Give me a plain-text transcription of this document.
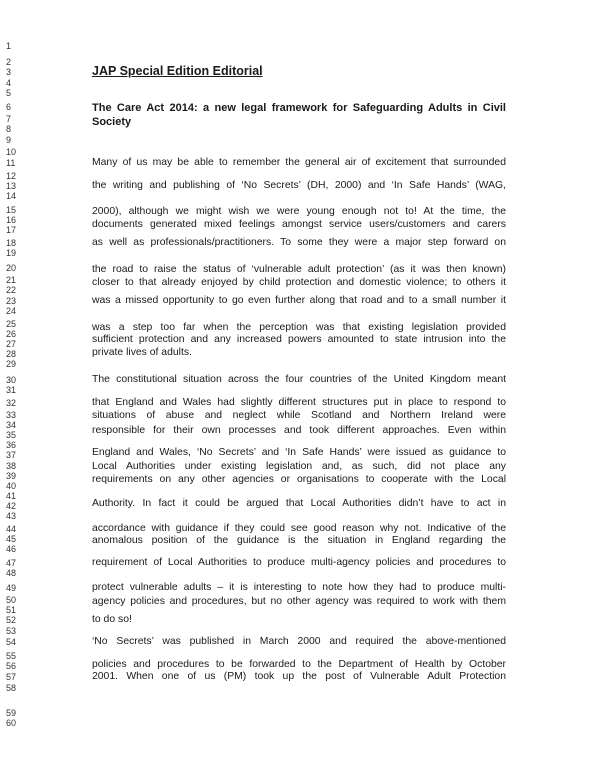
1
2
3
4
5
6
7
8
9
10
11
12
13
14
15
16
17
18
19
20
21
22
23
24
25
26
27
28
29
30
31
32
33
34
35
36
37
38
39
40
41
42
43
44
45
46
47
48
49
50
51
52
53
54
55
56
57
58
59
60
JAP Special Edition Editorial
The Care Act 2014: a new legal framework for Safeguarding Adults in Civil
Society
Many of us may be able to remember the general air of excitement that surrounded
the writing and publishing of ‘No Secrets’ (DH, 2000) and ‘In Safe Hands’ (WAG,
2000), although we might wish we were young enough not to! At the time, the
documents generated mixed feelings amongst service users/customers and carers
as well as professionals/practitioners. To some they were a major step forward on
the road to raise the status of ‘vulnerable adult protection’ (as it was then known)
closer to that already enjoyed by child protection and domestic violence; to others it
was a missed opportunity to go even further along that road and to a small number it
was a step too far when the perception was that existing legislation provided
sufficient protection and any increased powers amounted to state intrusion into the
private lives of adults.
The constitutional situation across the four countries of the United Kingdom meant
that England and Wales had slightly different structures put in place to respond to
situations of abuse and neglect while Scotland and Northern Ireland were
responsible for their own processes and took different approaches. Even within
England and Wales, ‘No Secrets’ and ‘In Safe Hands’ were issued as guidance to
Local Authorities under existing legislation and, as such, did not place any
requirements on any other agencies or organisations to cooperate with the Local
Authority. In fact it could be argued that Local Authorities didn’t have to act in
accordance with guidance if they could see good reason why not. Indicative of the
anomalous position of the guidance is the situation in England regarding the
requirement of Local Authorities to produce multi-agency policies and procedures to
protect vulnerable adults – it is interesting to note how they had to produce multi-
agency policies and procedures, but no other agency was required to work with them
to do so!
‘No Secrets’ was published in March 2000 and required the above-mentioned
policies and procedures to be forwarded to the Department of Health by October
2001. When one of us (PM) took up the post of Vulnerable Adult Protection
